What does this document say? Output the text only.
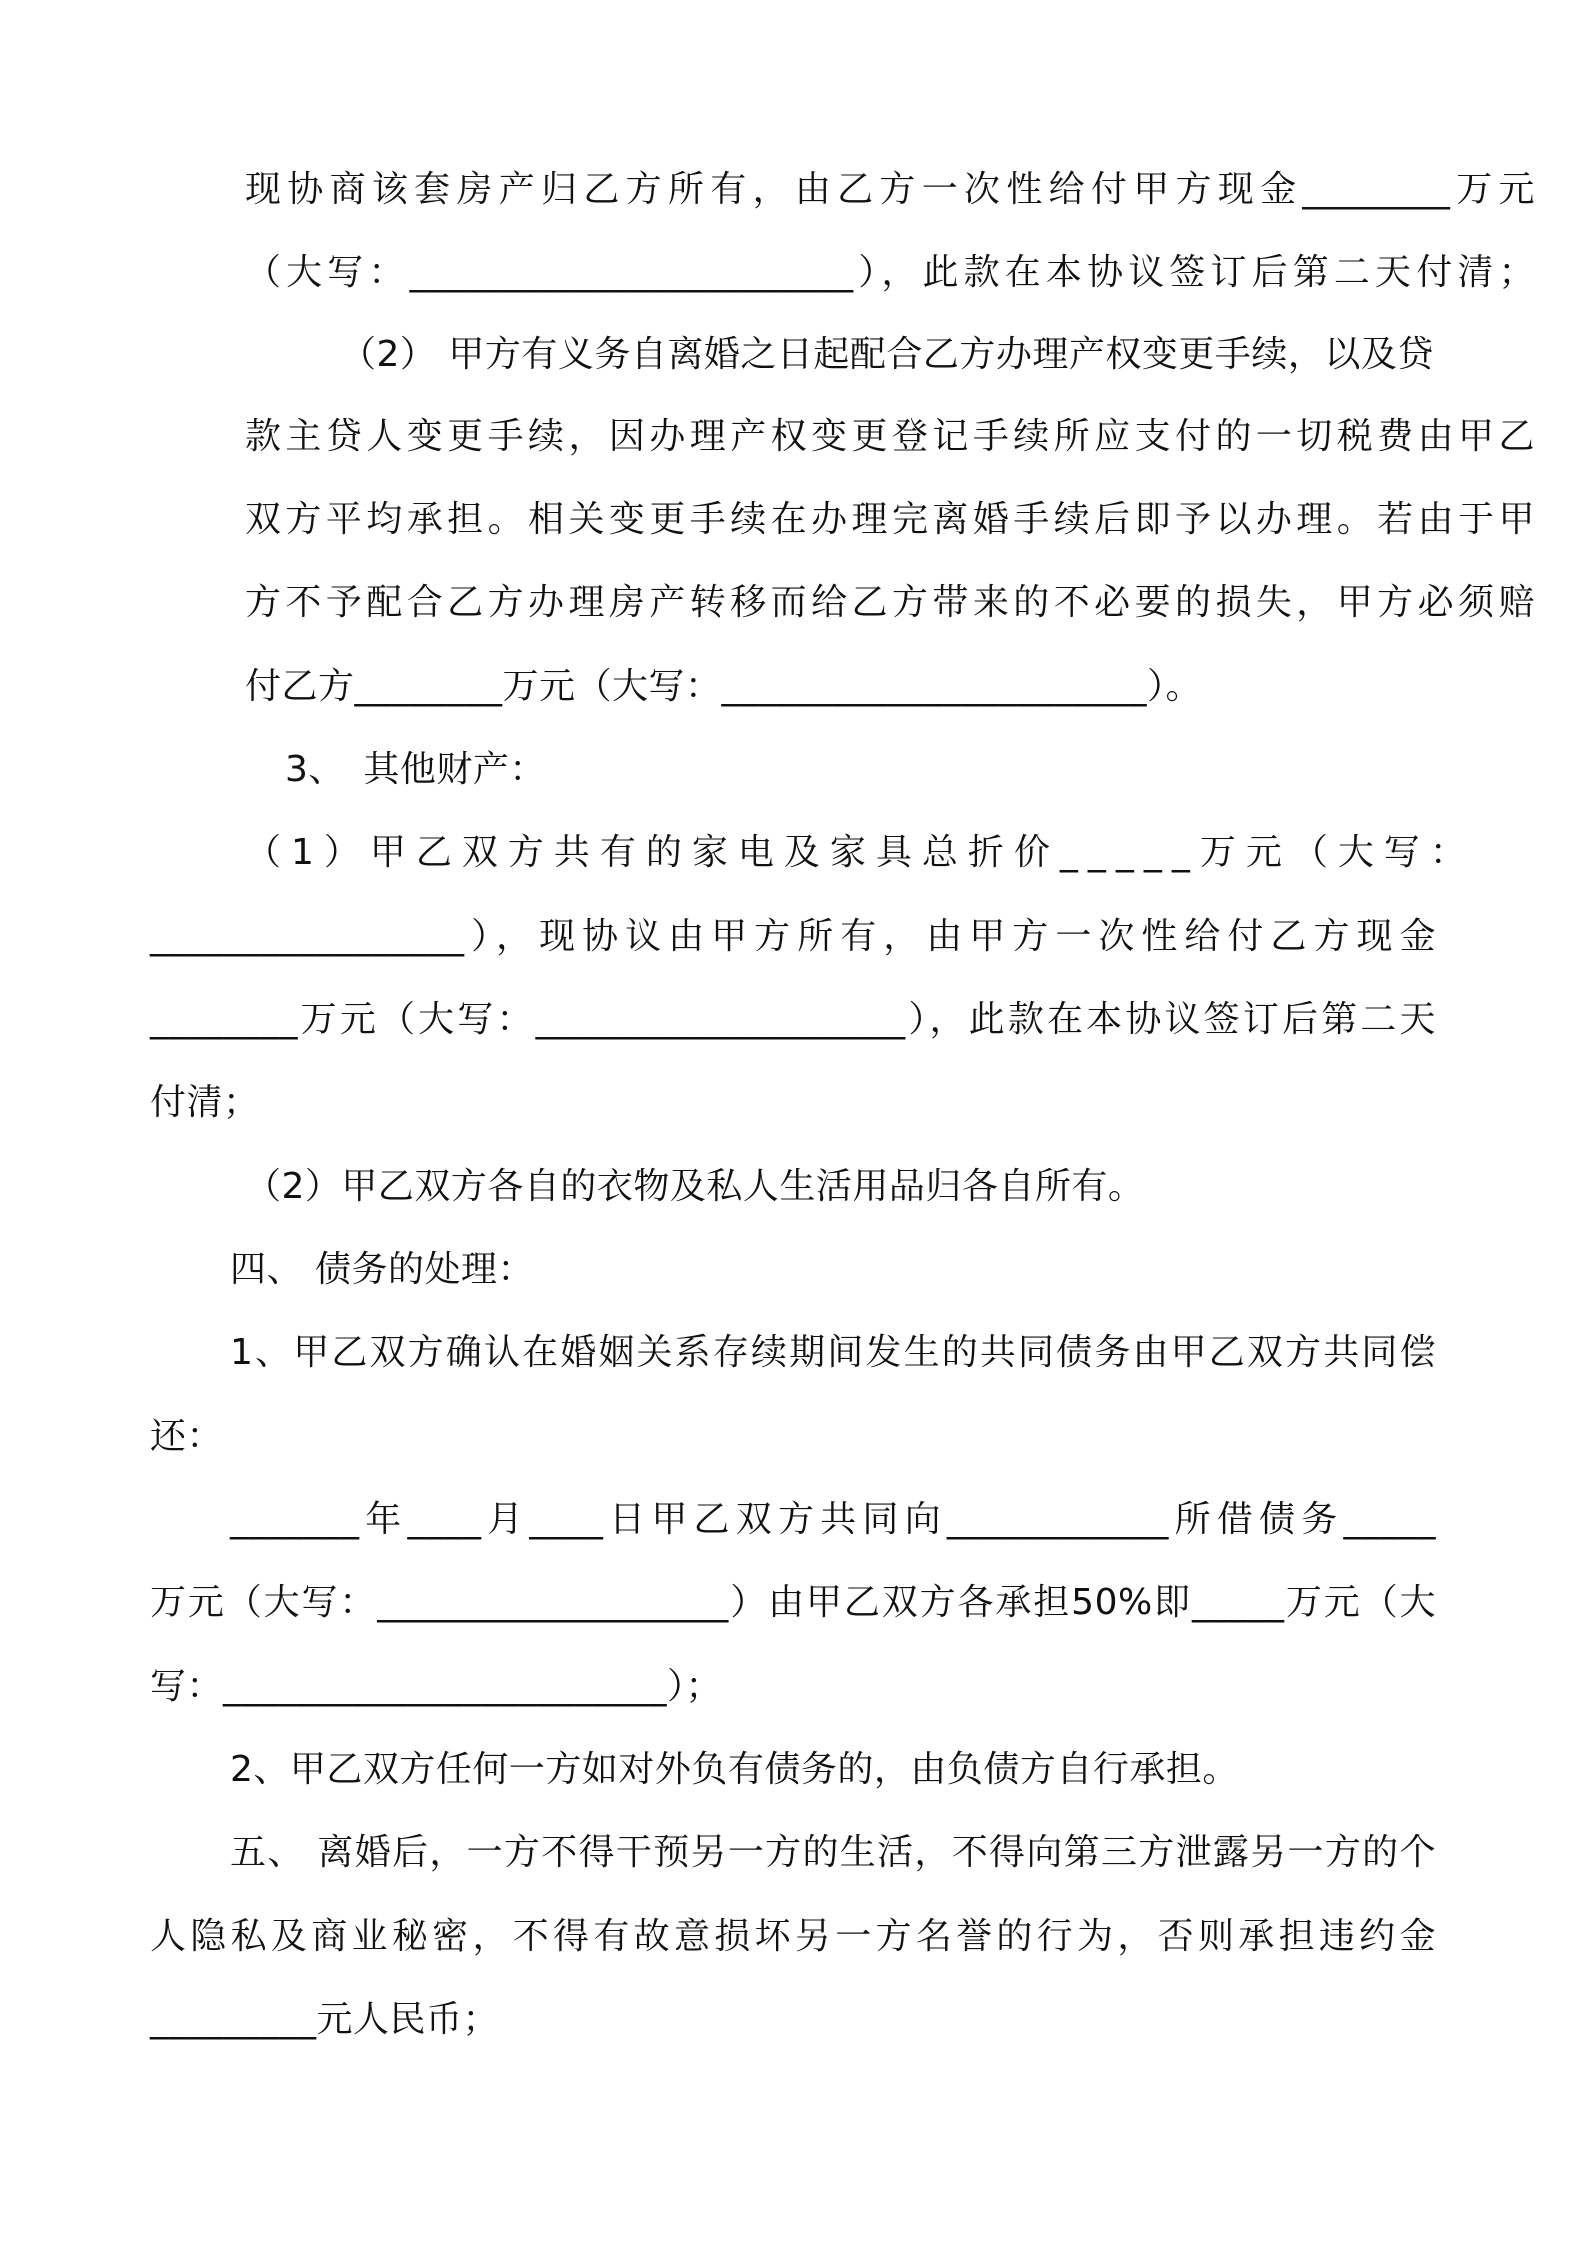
现协商该套房产归乙方所有，由乙方一次性给付甲方现金________万元

（大写：________________________），此款在本协议签订后第二天付清；

（2） 甲方有义务自离婚之日起配合乙方办理产权变更手续，以及贷

款主贷人变更手续，因办理产权变更登记手续所应支付的一切税费由甲乙

双方平均承担。相关变更手续在办理完离婚手续后即予以办理。若由于甲

方不予配合乙方办理房产转移而给乙方带来的不必要的损失，甲方必须赔

付乙方________万元（大写：_______________________）。

3、　其他财产：

（1）甲乙双方共有的家电及家具总折价_____万元（大写：

_________________），现协议由甲方所有，由甲方一次性给付乙方现金

________万元（大写：____________________），此款在本协议签订后第二天

付清；

（2）甲乙双方各自的衣物及私人生活用品归各自所有。

四、 债务的处理：

1、甲乙双方确认在婚姻关系存续期间发生的共同债务由甲乙双方共同偿

还：

_______年____月____日甲乙双方共同向____________所借债务_____

万元（大写：___________________）由甲乙双方各承担50%即_____万元（大

写：________________________）；

2、甲乙双方任何一方如对外负有债务的，由负债方自行承担。

五、 离婚后，一方不得干预另一方的生活，不得向第三方泄露另一方的个

人隐私及商业秘密，不得有故意损坏另一方名誉的行为，否则承担违约金

_________元人民币；
